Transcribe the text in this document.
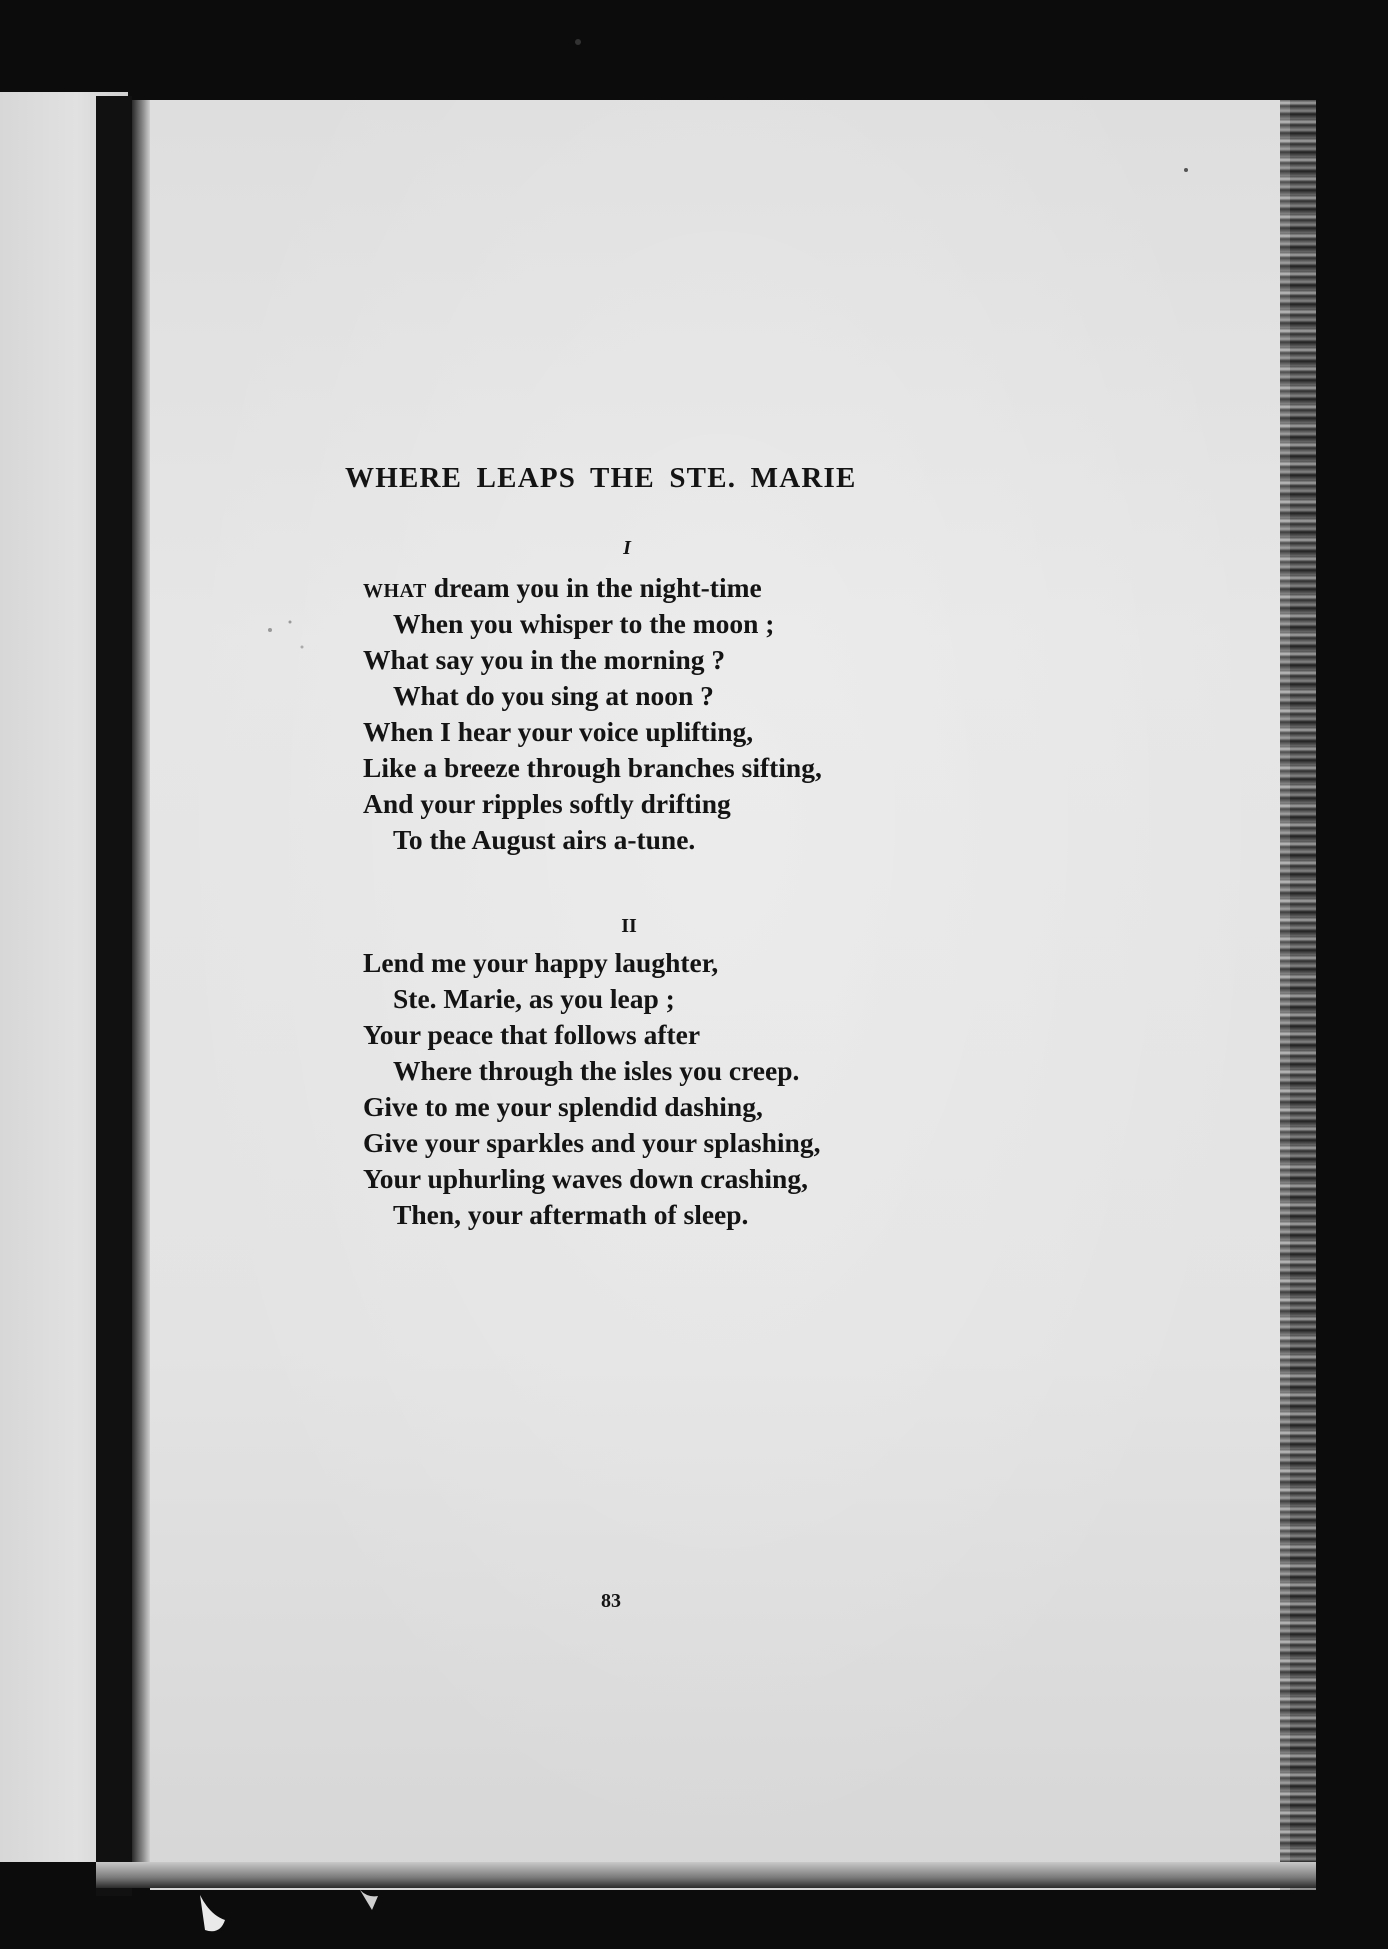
WHERE LEAPS THE STE. MARIE

I

WHAT dream you in the night-time
When you whisper to the moon ;
What say you in the morning ?
What do you sing at noon ?
When I hear your voice uplifting,
Like a breeze through branches sifting,
And your ripples softly drifting
To the August airs a-tune.

II

Lend me your happy laughter,
Ste. Marie, as you leap ;
Your peace that follows after
Where through the isles you creep.
Give to me your splendid dashing,
Give your sparkles and your splashing,
Your uphurling waves down crashing,
Then, your aftermath of sleep.

83
